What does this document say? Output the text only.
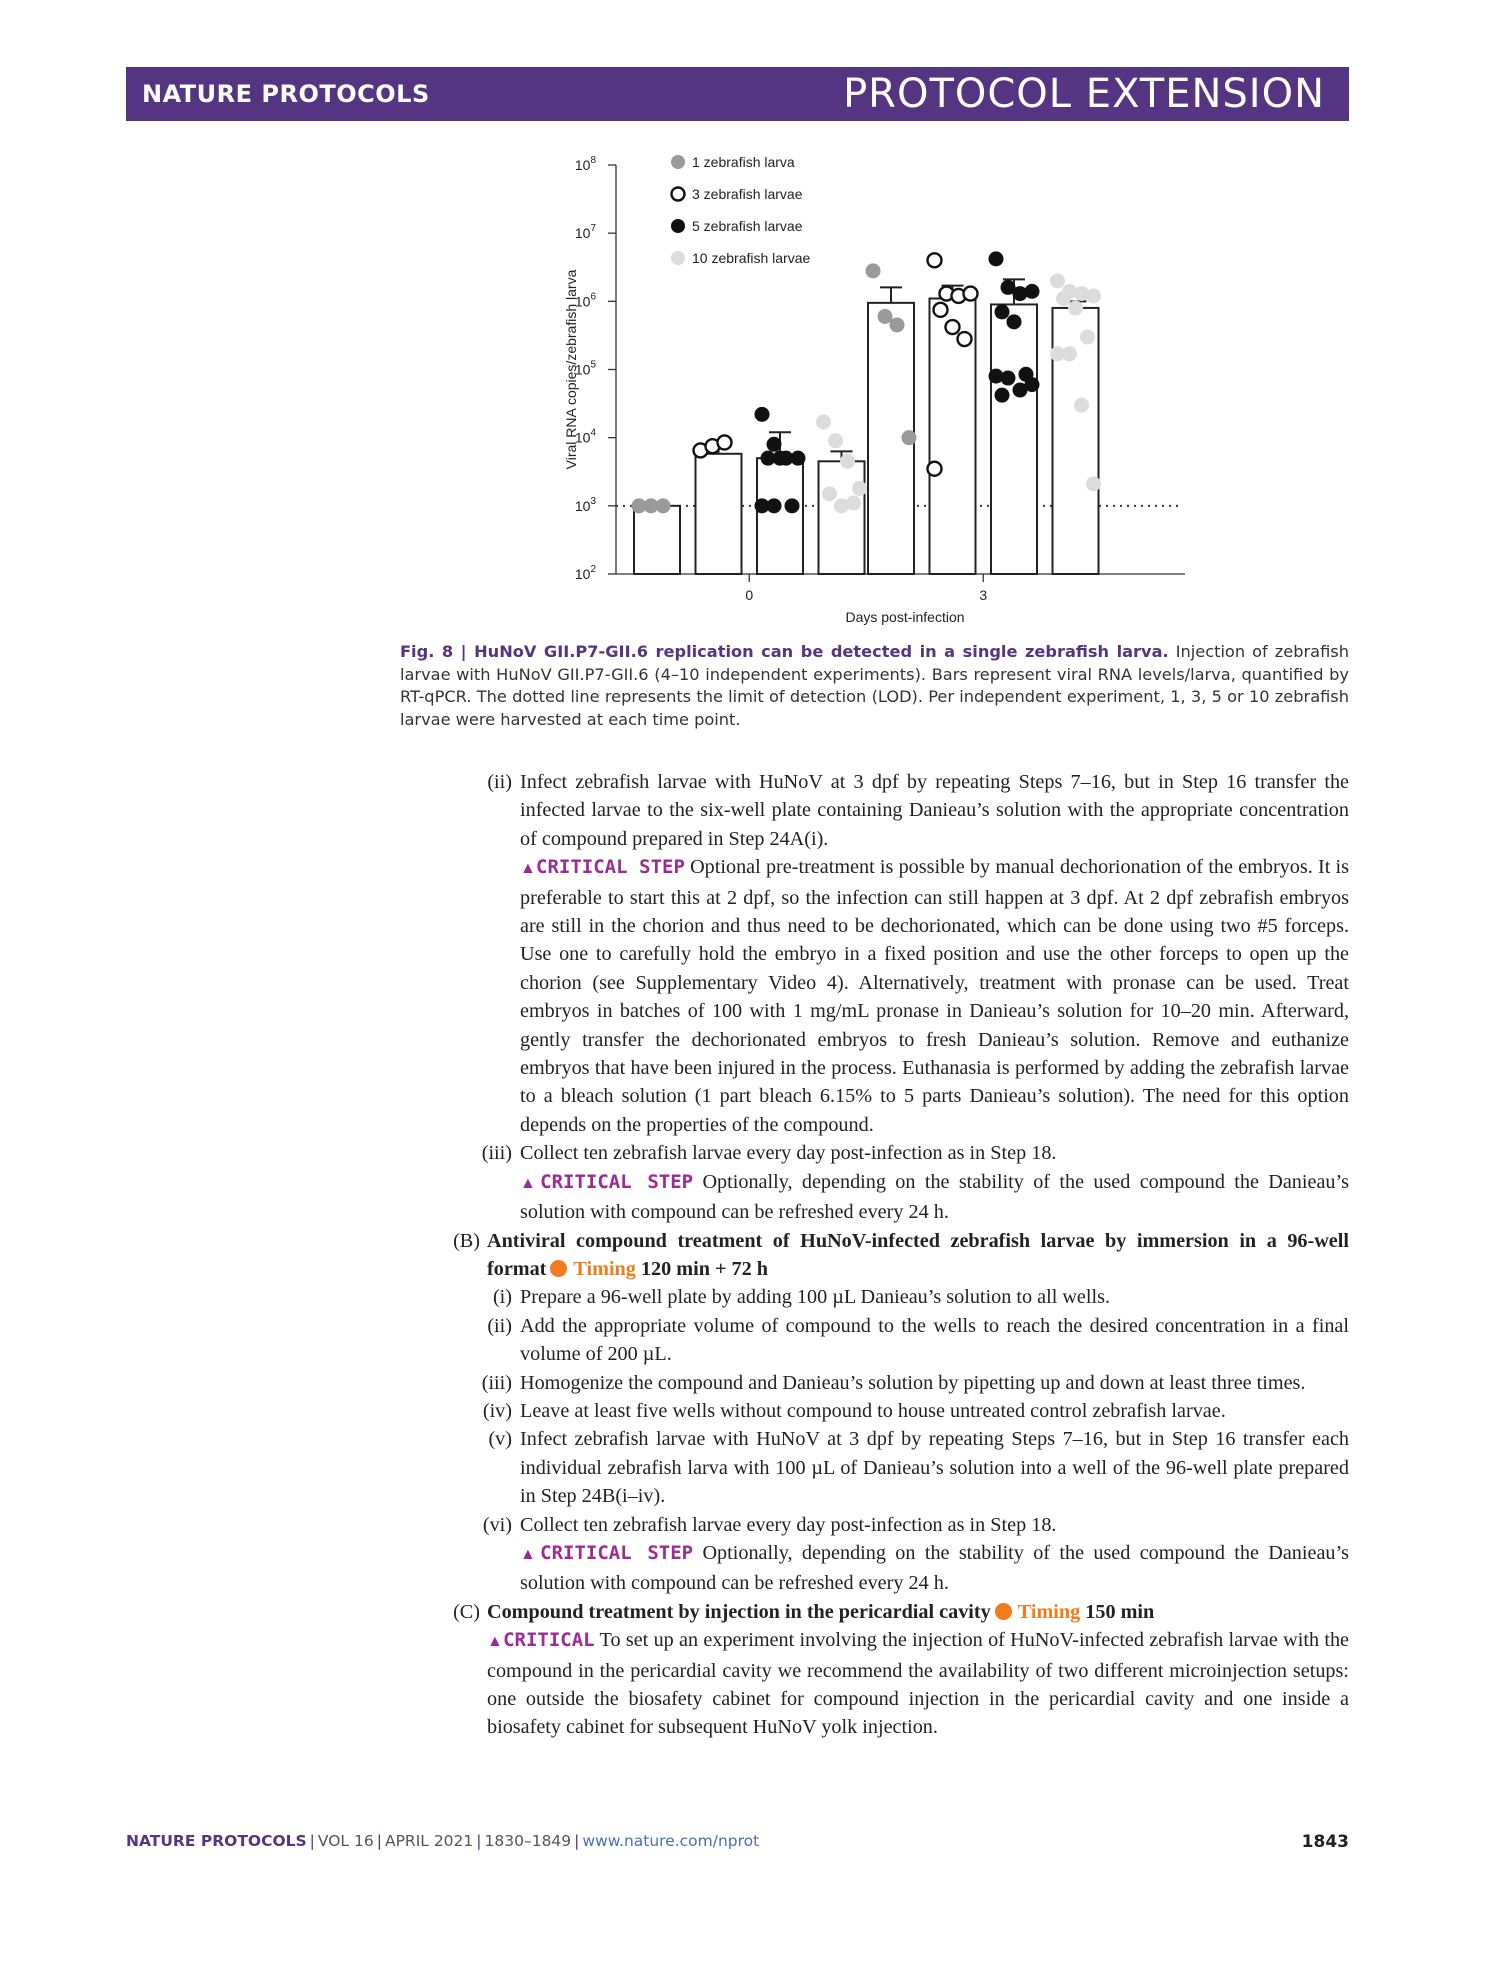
NATURE PROTOCOLS	PROTOCOL EXTENSION
$10^2$
$10^3$
$10^4$
$10^5$
$10^6$
$10^7$
$10^8$
Viral RNA copies/zebrafish larva
0	3
Days post-infection
1 zebrafish larva
3 zebrafish larvae
5 zebrafish larvae
10 zebrafish larvae
Fig. 8 | HuNoV GII.P7-GII.6 replication can be detected in a single zebrafish larva. Injection of zebrafish larvae with HuNoV GII.P7-GII.6 (4–10 independent experiments). Bars represent viral RNA levels/larva, quantified by RT-qPCR. The dotted line represents the limit of detection (LOD). Per independent experiment, 1, 3, 5 or 10 zebrafish larvae were harvested at each time point.
(ii) Infect zebrafish larvae with HuNoV at 3 dpf by repeating Steps 7–16, but in Step 16 transfer the infected larvae to the six-well plate containing Danieau’s solution with the appropriate concentration of compound prepared in Step 24A(i).
▲CRITICAL STEP Optional pre-treatment is possible by manual dechorionation of the embryos. It is preferable to start this at 2 dpf, so the infection can still happen at 3 dpf. At 2 dpf zebrafish embryos are still in the chorion and thus need to be dechorionated, which can be done using two #5 forceps. Use one to carefully hold the embryo in a fixed position and use the other forceps to open up the chorion (see Supplementary Video 4). Alternatively, treatment with pronase can be used. Treat embryos in batches of 100 with 1 mg/mL pronase in Danieau’s solution for 10–20 min. Afterward, gently transfer the dechorionated embryos to fresh Danieau’s solution. Remove and euthanize embryos that have been injured in the process. Euthanasia is performed by adding the zebrafish larvae to a bleach solution (1 part bleach 6.15% to 5 parts Danieau’s solution). The need for this option depends on the properties of the compound.
(iii) Collect ten zebrafish larvae every day post-infection as in Step 18.
▲CRITICAL STEP Optionally, depending on the stability of the used compound the Danieau’s solution with compound can be refreshed every 24 h.
(B) Antiviral compound treatment of HuNoV-infected zebrafish larvae by immersion in a 96-well format Timing 120 min + 72 h
(i) Prepare a 96-well plate by adding 100 µL Danieau’s solution to all wells.
(ii) Add the appropriate volume of compound to the wells to reach the desired concentration in a final volume of 200 µL.
(iii) Homogenize the compound and Danieau’s solution by pipetting up and down at least three times.
(iv) Leave at least five wells without compound to house untreated control zebrafish larvae.
(v) Infect zebrafish larvae with HuNoV at 3 dpf by repeating Steps 7–16, but in Step 16 transfer each individual zebrafish larva with 100 µL of Danieau’s solution into a well of the 96-well plate prepared in Step 24B(i–iv).
(vi) Collect ten zebrafish larvae every day post-infection as in Step 18.
▲CRITICAL STEP Optionally, depending on the stability of the used compound the Danieau’s solution with compound can be refreshed every 24 h.
(C) Compound treatment by injection in the pericardial cavity Timing 150 min
▲CRITICAL To set up an experiment involving the injection of HuNoV-infected zebrafish larvae with the compound in the pericardial cavity we recommend the availability of two different microinjection setups: one outside the biosafety cabinet for compound injection in the pericardial cavity and one inside a biosafety cabinet for subsequent HuNoV yolk injection.
NATURE PROTOCOLS | VOL 16 | APRIL 2021 | 1830–1849 | www.nature.com/nprot	1843
